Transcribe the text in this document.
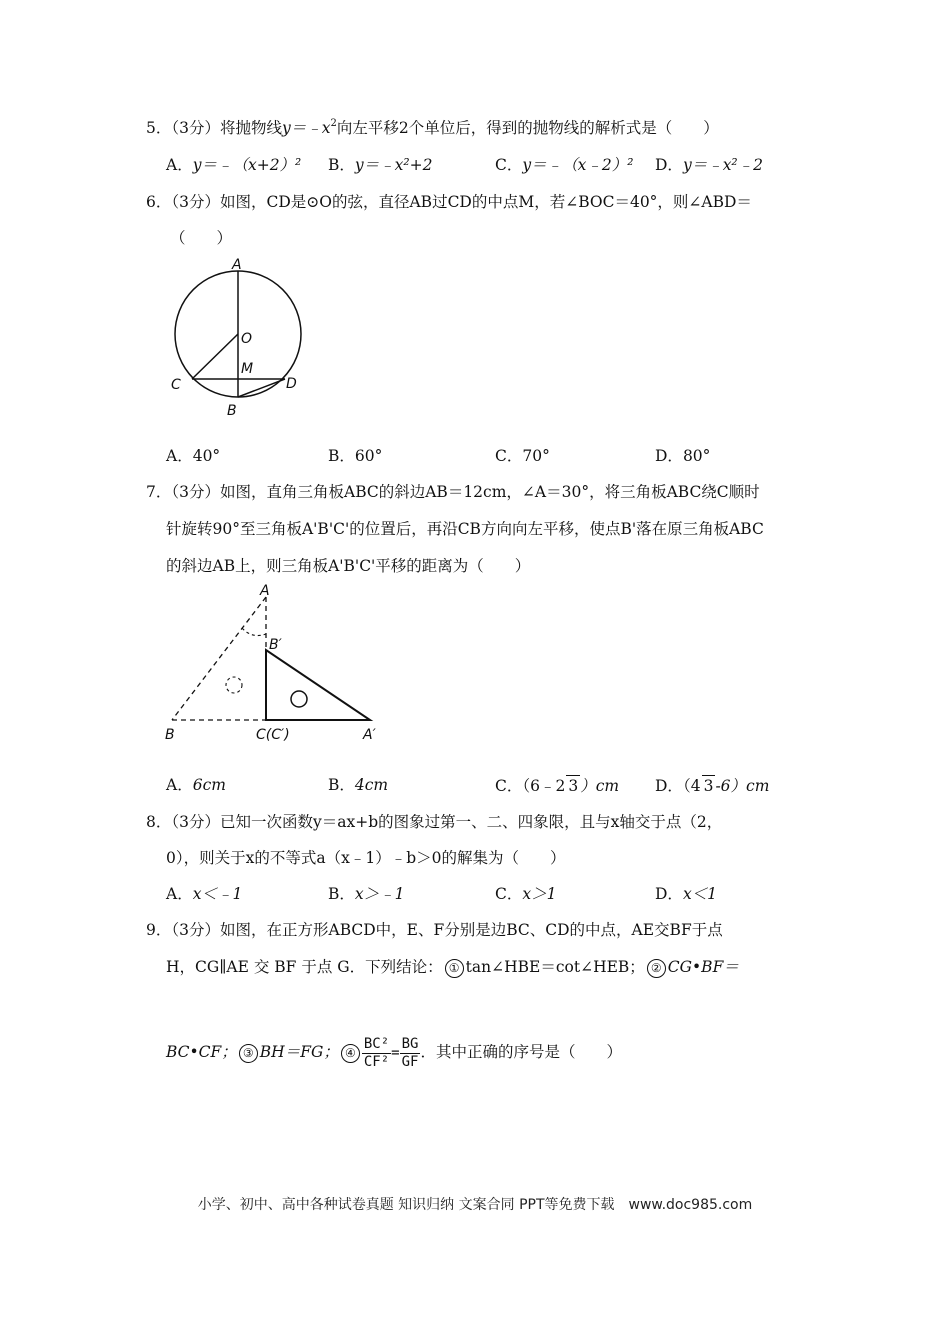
5．（3分）将抛物线$y=﹣x^2$向左平移2个单位后，得到的抛物线的解析式是（　　）
A．y＝﹣（x+2）² B．y＝﹣x²+2	C．y＝﹣（x﹣2）² D．y＝﹣x²﹣2
6．（3分）如图，CD是⊙O的弦，直径AB过CD的中点M，若∠BOC＝40°，则∠ABD＝
（　　）
A
O
M
C	D
B
A．40°	B．60°	C．70°	D．80°
7．（3分）如图，直角三角板ABC的斜边AB＝12cm，∠A＝30°，将三角板ABC绕C顺时
针旋转90°至三角板A'B'C'的位置后，再沿CB方向向左平移，使点B'落在原三角板ABC
的斜边AB上，则三角板A'B'C'平移的距离为（　　）
A
B′
B	C(C′)	A′
A．6cm	B．4cm	C．（6﹣2 3 ）cm D．（4 3 -6）cm
8．（3分）已知一次函数y＝ax+b的图象过第一、二、四象限，且与x轴交于点（2，
0），则关于x的不等式a（x﹣1）﹣b＞0的解集为（　　）
A．x＜﹣1	B．x＞﹣1	C．x＞1	D．x＜1
9．（3分）如图，在正方形ABCD中，E、F分别是边BC、CD的中点，AE交BF于点
H，CG∥AE 交 BF 于点 G．下列结论： ① tan∠HBE＝cot∠HEB； ② CG•BF＝
BC•CF； ③ BH＝FG； ④ $\frac{\text{BC²}}{\text{CF²}} = \frac{BG}{GF}$ ．其中正确的序号是（　　）
小学、初中、高中各种试卷真题 知识归纳 文案合同 PPT等免费下载　www.doc985.com
